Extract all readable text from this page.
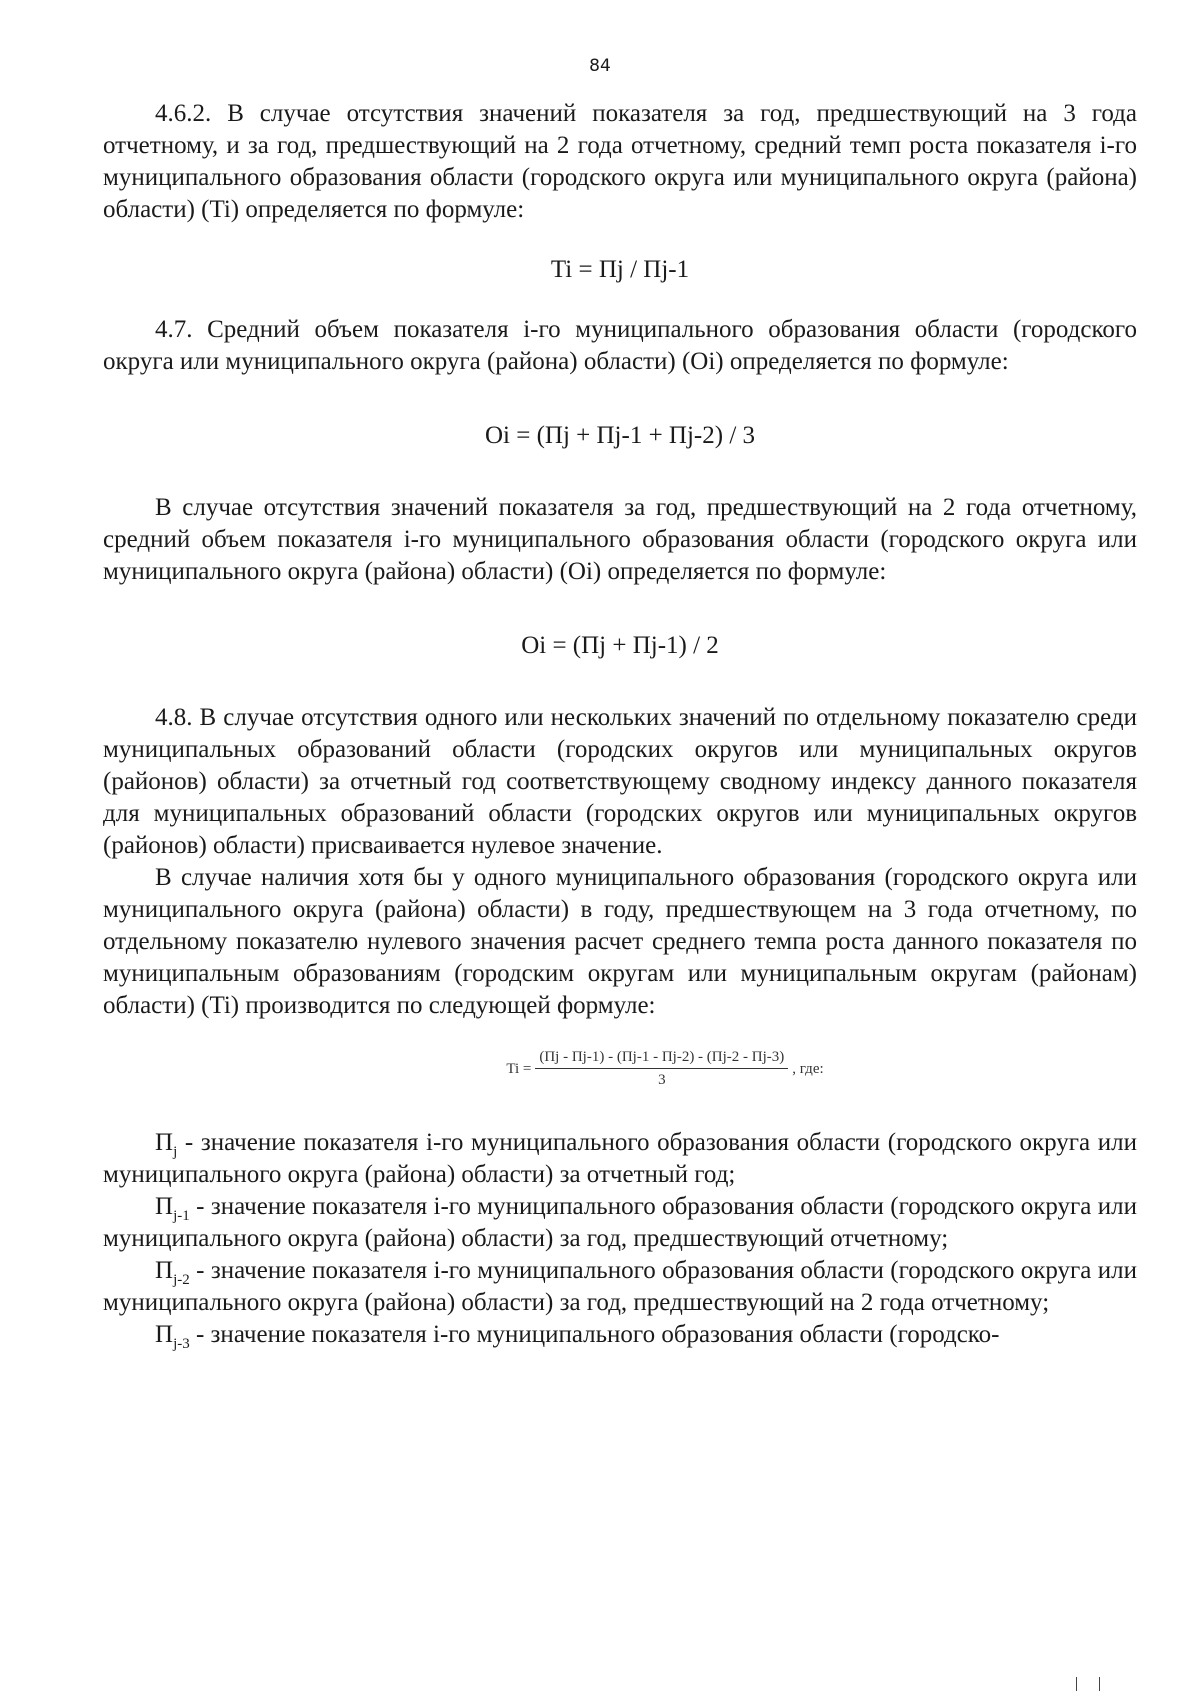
84

4.6.2. В случае отсутствия значений показателя за год, предшествующий на 3 года отчетному, и за год, предшествующий на 2 года отчетному, средний темп роста показателя i-го муниципального образования области (городского округа или муниципального округа (района) области) (Ti) определяется по формуле:

Ti = Пj / Пj-1

4.7. Средний объем показателя i-го муниципального образования области (городского округа или муниципального округа (района) области) (Oi) определяется по формуле:

Oi = (Пj + Пj-1 + Пj-2) / 3

В случае отсутствия значений показателя за год, предшествующий на 2 года отчетному, средний объем показателя i-го муниципального образования области (городского округа или муниципального округа (района) области) (Oi) определяется по формуле:

Oi = (Пj + Пj-1) / 2

4.8. В случае отсутствия одного или нескольких значений по отдельному показателю среди муниципальных образований области (городских округов или муниципальных округов (районов) области) за отчетный год соответствующему сводному индексу данного показателя для муниципальных образований области (городских округов или муниципальных округов (районов) области) присваивается нулевое значение.

В случае наличия хотя бы у одного муниципального образования (городского округа или муниципального округа (района) области) в году, предшествующем на 3 года отчетному, по отдельному показателю нулевого значения расчет среднего темпа роста данного показателя по муниципальным образованиям (городским округам или муниципальным округам (районам) области) (Ti) производится по следующей формуле:

$Ti = \frac{(Пj - Пj-1) - (Пj-1 - Пj-2) - (Пj-2 - Пj-3)}{3}$ , где:

$П_j$ - значение показателя i-го муниципального образования области (городского округа или муниципального округа (района) области) за отчетный год;

$П_{j-1}$ - значение показателя i-го муниципального образования области (городского округа или муниципального округа (района) области) за год, предшествующий отчетному;

$П_{j-2}$ - значение показателя i-го муниципального образования области (городского округа или муниципального округа (района) области) за год, предшествующий на 2 года отчетному;

$П_{j-3}$ - значение показателя i-го муниципального образования области (городско-
